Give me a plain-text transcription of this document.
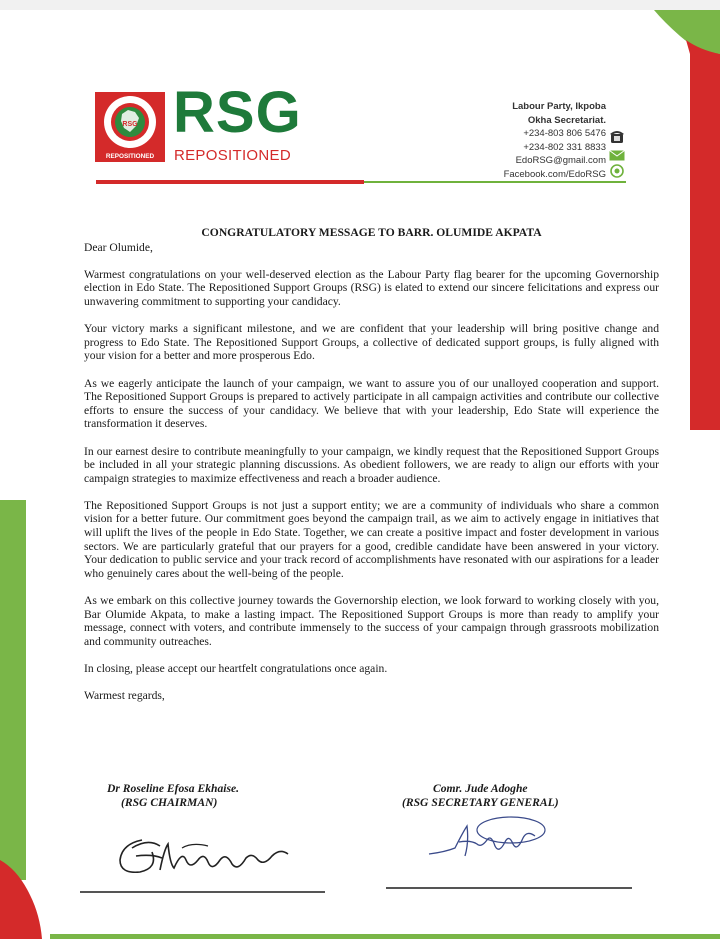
RSG
REPOSITIONED
RSG
REPOSITIONED
Labour Party, Ikpoba
Okha Secretariat.
+234-803 806 5476
+234-802 331 8833
EdoRSG@gmail.com
Facebook.com/EdoRSG
CONGRATULATORY MESSAGE TO BARR. OLUMIDE AKPATA

Dear Olumide,

Warmest congratulations on your well-deserved election as the Labour Party flag bearer for the upcoming Governorship election in Edo State. The Repositioned Support Groups (RSG) is elated to extend our sincere felicitations and express our unwavering commitment to supporting your candidacy.

Your victory marks a significant milestone, and we are confident that your leadership will bring positive change and progress to Edo State. The Repositioned Support Groups, a collective of dedicated support groups, is fully aligned with your vision for a better and more prosperous Edo.

As we eagerly anticipate the launch of your campaign, we want to assure you of our unalloyed cooperation and support. The Repositioned Support Groups is prepared to actively participate in all campaign activities and contribute our collective efforts to ensure the success of your candidacy. We believe that with your leadership, Edo State will experience the transformation it deserves.

In our earnest desire to contribute meaningfully to your campaign, we kindly request that the Repositioned Support Groups be included in all your strategic planning discussions. As obedient followers, we are ready to align our efforts with your campaign strategies to maximize effectiveness and reach a broader audience.

The Repositioned Support Groups is not just a support entity; we are a community of individuals who share a common vision for a better future. Our commitment goes beyond the campaign trail, as we aim to actively engage in initiatives that will uplift the lives of the people in Edo State. Together, we can create a positive impact and foster development in various sectors. We are particularly grateful that our prayers for a good, credible candidate have been answered in your victory. Your dedication to public service and your track record of accomplishments have resonated with our aspirations for a leader who genuinely cares about the well-being of the people.

As we embark on this collective journey towards the Governorship election, we look forward to working closely with you, Bar Olumide Akpata, to make a lasting impact. The Repositioned Support Groups is more than ready to amplify your message, connect with voters, and contribute immensely to the success of your campaign through grassroots mobilization and community outreaches.

In closing, please accept our heartfelt congratulations once again.

Warmest regards,

Dr Roseline Efosa Ekhaise.
(RSG CHAIRMAN)
Comr. Jude Adoghe
(RSG SECRETARY GENERAL)
